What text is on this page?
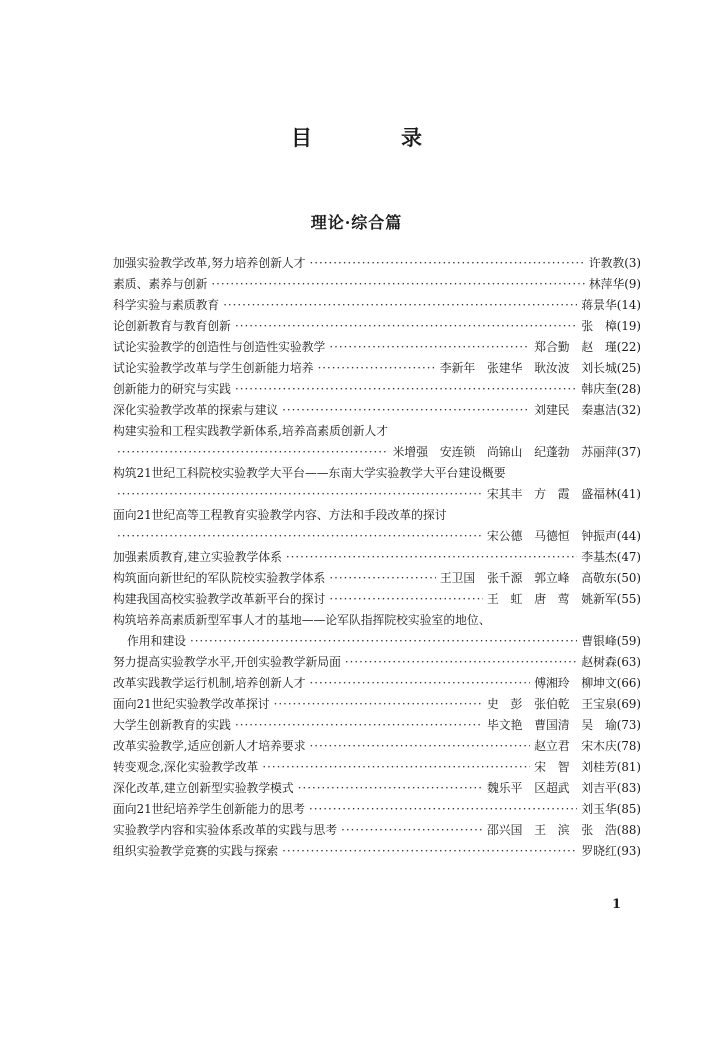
目　录
理论·综合篇
加强实验教学改革,努力培养创新人才 ·····	许教教 (3)
素质、素养与创新 ·····	林萍华 (9)
科学实验与素质教育 ·····	蒋景华 (14)
论创新教育与教育创新 ·····	张　樟 (19)
试论实验教学的创造性与创造性实验教学 ·····	郑合勤　赵　瑾 (22)
试论实验教学改革与学生创新能力培养 ·····	李新年　张建华　耿汝波　刘长城 (25)
创新能力的研究与实践 ·····	韩庆奎 (28)
深化实验教学改革的探索与建议 ·····	刘建民　秦惠洁 (32)
构建实验和工程实践教学新体系,培养高素质创新人才
·····
米增强　安连锁　尚锦山　纪蓬勃　苏丽萍 (37)
构筑21世纪工科院校实验教学大平台——东南大学实验教学大平台建设概要
·····
宋其丰　方　霞　盛福林 (41)
面向21世纪高等工程教育实验教学内容、方法和手段改革的探讨
·····
宋公德　马德恒　钟振声 (44)
加强素质教育,建立实验教学体系 ·····	李基杰 (47)
构筑面向新世纪的军队院校实验教学体系 ·····	王卫国　张千源　郭立峰　高敬东 (50)
构建我国高校实验教学改革新平台的探讨 ·····	王　虹　唐　莺　姚新军 (55)
构筑培养高素质新型军事人才的基地——论军队指挥院校实验室的地位、
作用和建设 ·····	曹银峰 (59)
努力提高实验教学水平,开创实验教学新局面 ·····	赵树森 (63)
改革实践教学运行机制,培养创新人才 ·····	傅湘玲　柳坤文 (66)
面向21世纪实验教学改革探讨 ·····	史　彭　张伯乾　王宝泉 (69)
大学生创新教育的实践 ·····	毕文艳　曹国清　吴　瑜 (73)
改革实验教学,适应创新人才培养要求 ·····	赵立君　宋木庆 (78)
转变观念,深化实验教学改革 ·····	宋　智　刘桂芳 (81)
深化改革,建立创新型实验教学模式 ·····	魏乐平　区超武　刘吉平 (83)
面向21世纪培养学生创新能力的思考 ·····	刘玉华 (85)
实验教学内容和实验体系改革的实践与思考 ·····	邵兴国　王　滨　张　浩 (88)
组织实验教学竞赛的实践与探索 ·····	罗晓红 (93)
1
